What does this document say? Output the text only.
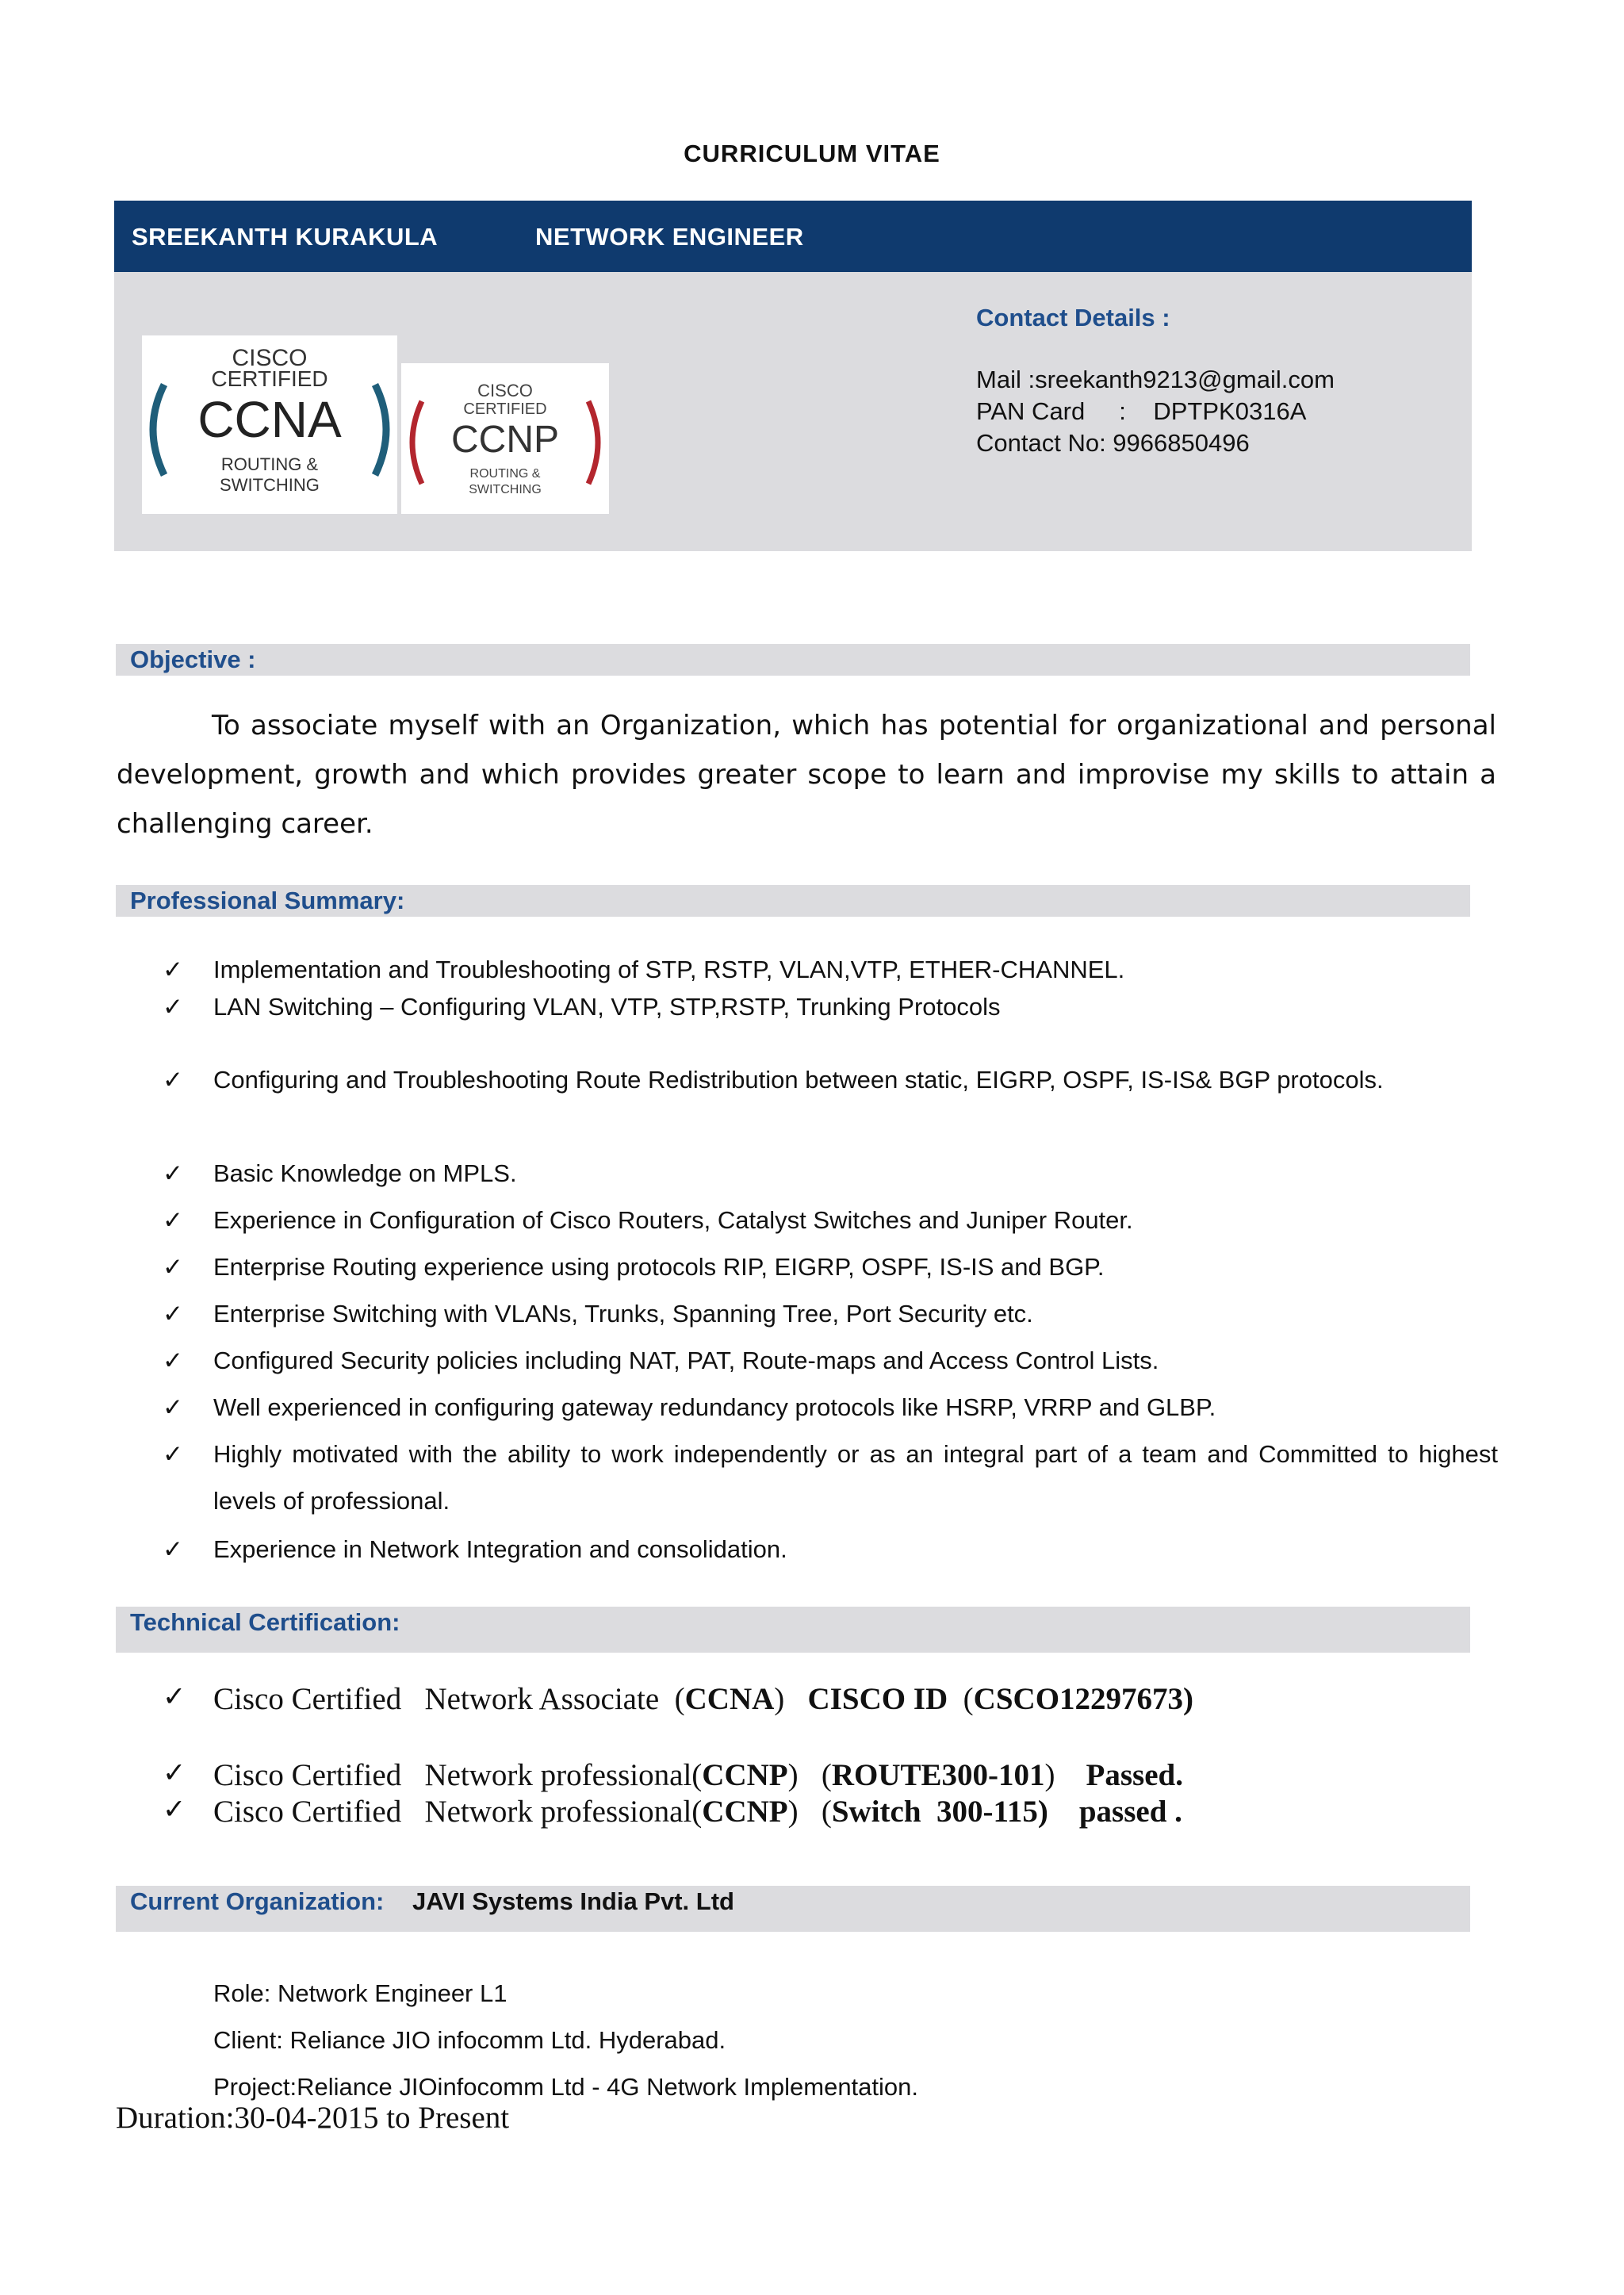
CURRICULUM VITAE
SREEKANTH KURAKULA	NETWORK ENGINEER
CISCO
CERTIFIED
CCNA
ROUTING &
SWITCHING
CISCO
CERTIFIED
CCNP
ROUTING &
SWITCHING
Contact Details :
Mail :sreekanth9213@gmail.com
PAN Card     :    DPTPK0316A
Contact No: 9966850496
Objective :
To associate myself with an Organization, which has potential for organizational and personal development, growth and which provides greater scope to learn and improvise my skills to attain a challenging career.
Professional Summary:
✓ Implementation and Troubleshooting of STP, RSTP, VLAN,VTP, ETHER-CHANNEL.
✓ LAN Switching – Configuring VLAN, VTP, STP,RSTP, Trunking Protocols
✓ Configuring and Troubleshooting Route Redistribution between static, EIGRP, OSPF, IS-IS& BGP protocols.
✓ Basic Knowledge on MPLS.
✓ Experience in Configuration of Cisco Routers, Catalyst Switches and Juniper Router.
✓ Enterprise Routing experience using protocols RIP, EIGRP, OSPF, IS-IS and BGP.
✓ Enterprise Switching with VLANs, Trunks, Spanning Tree, Port Security etc.
✓ Configured Security policies including NAT, PAT, Route-maps and Access Control Lists.
✓ Well experienced in configuring gateway redundancy protocols like HSRP, VRRP and GLBP.
✓ Highly motivated with the ability to work independently or as an integral part of a team and Committed to highest levels of professional.
✓ Experience in Network Integration and consolidation.
Technical Certification:
✓ Cisco Certified   Network Associate  (CCNA)   CISCO ID  (CSCO12297673)
✓ Cisco Certified   Network professional(CCNP)   (ROUTE300-101)    Passed.
✓ Cisco Certified   Network professional(CCNP)   (Switch  300-115) passed .
Current Organization: JAVI Systems India Pvt. Ltd
Role: Network Engineer L1
Client: Reliance JIO infocomm Ltd. Hyderabad.
Project:Reliance JIOinfocomm Ltd - 4G Network Implementation.
Duration:30-04-2015 to Present
